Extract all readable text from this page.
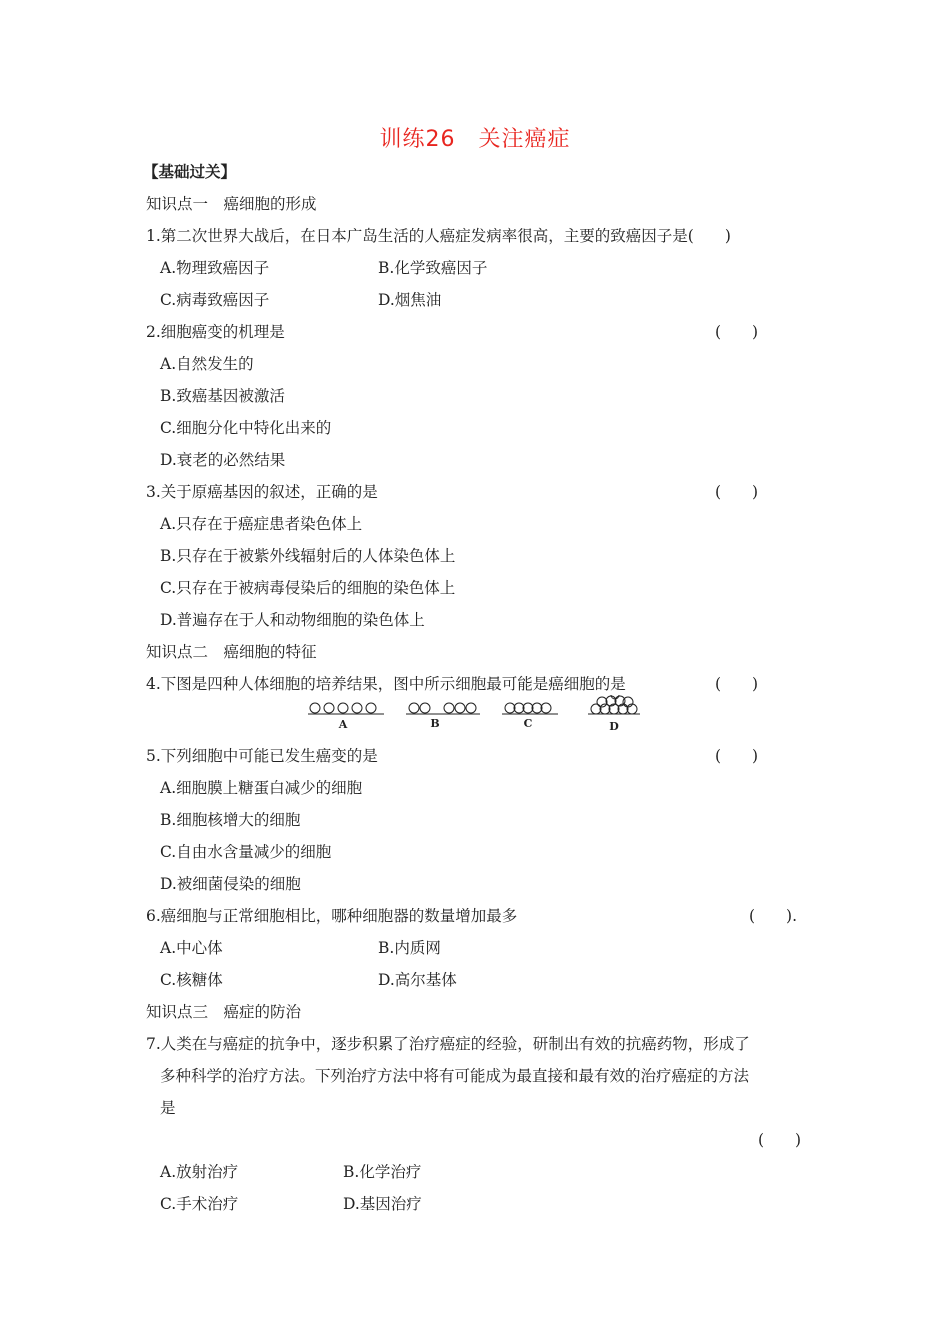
训练26　关注癌症
【基础过关】
知识点一　癌细胞的形成
1.第二次世界大战后，在日本广岛生活的人癌症发病率很高，主要的致癌因子是(　　)
A.物理致癌因子	B.化学致癌因子
C.病毒致癌因子	D.烟焦油
2.细胞癌变的机理是	(　　)
A.自然发生的
B.致癌基因被激活
C.细胞分化中特化出来的
D.衰老的必然结果
3.关于原癌基因的叙述，正确的是	(　　)
A.只存在于癌症患者染色体上
B.只存在于被紫外线辐射后的人体染色体上
C.只存在于被病毒侵染后的细胞的染色体上
D.普遍存在于人和动物细胞的染色体上
知识点二　癌细胞的特征
4.下图是四种人体细胞的培养结果，图中所示细胞最可能是癌细胞的是	(　　)
A	B	C	D
5.下列细胞中可能已发生癌变的是	(　　)
A.细胞膜上糖蛋白减少的细胞
B.细胞核增大的细胞
C.自由水含量减少的细胞
D.被细菌侵染的细胞
6.癌细胞与正常细胞相比，哪种细胞器的数量增加最多	(　　).
A.中心体	B.内质网
C.核糖体	D.高尔基体
知识点三　癌症的防治
7.人类在与癌症的抗争中，逐步积累了治疗癌症的经验，研制出有效的抗癌药物，形成了
多种科学的治疗方法。下列治疗方法中将有可能成为最直接和最有效的治疗癌症的方法
是
(　　)
A.放射治疗	B.化学治疗
C.手术治疗	D.基因治疗
